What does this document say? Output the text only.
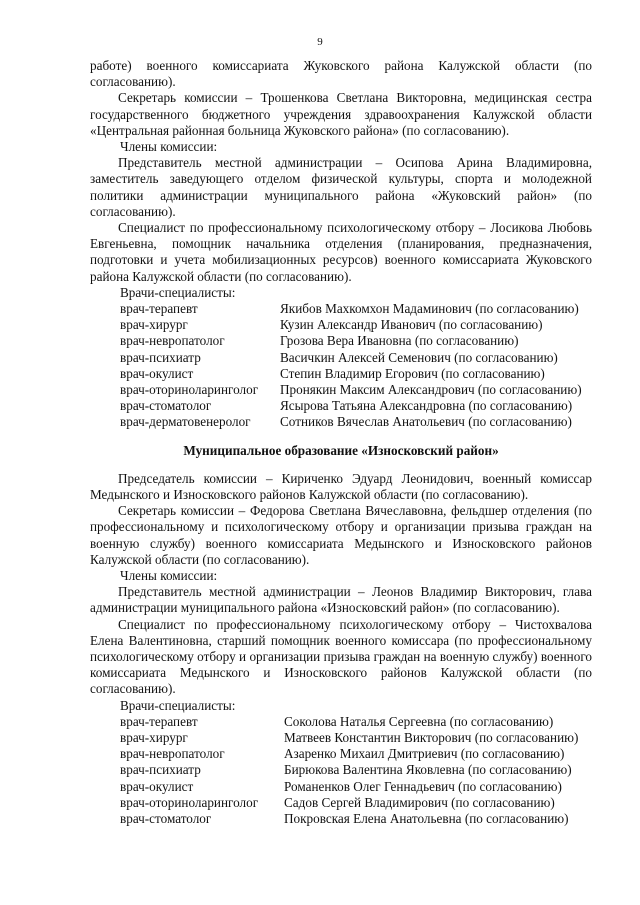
9

работе) военного комиссариата Жуковского района Калужской области (по согласованию).

Секретарь комиссии – Трошенкова Светлана Викторовна, медицинская сестра государственного бюджетного учреждения здравоохранения Калужской области «Центральная районная больница Жуковского района» (по согласованию).

Члены комиссии:

Представитель местной администрации – Осипова Арина Владимировна, заместитель заведующего отделом физической культуры, спорта и молодежной политики администрации муниципального района «Жуковский район» (по согласованию).

Специалист по профессиональному психологическому отбору – Лосикова Любовь Евгеньевна, помощник начальника отделения (планирования, предназначения, подготовки и учета мобилизационных ресурсов) военного комиссариата Жуковского района Калужской области (по согласованию).

Врачи-специалисты:

врач-терапевт	Якибов Махкомхон Мадаминович (по согласованию)
врач-хирург	Кузин Александр Иванович (по согласованию)
врач-невропатолог	Грозова Вера Ивановна (по согласованию)
врач-психиатр	Васичкин Алексей Семенович (по согласованию)
врач-окулист	Степин Владимир Егорович (по согласованию)
врач-оториноларинголог	Пронякин Максим Александрович (по согласованию)
врач-стоматолог	Ясырова Татьяна Александровна (по согласованию)
врач-дерматовенеролог	Сотников Вячеслав Анатольевич (по согласованию)

Муниципальное образование «Износковский район»

Председатель комиссии – Кириченко Эдуард Леонидович, военный комиссар Медынского и Износковского районов Калужской области (по согласованию).

Секретарь комиссии – Федорова Светлана Вячеславовна, фельдшер отделения (по профессиональному и психологическому отбору и организации призыва граждан на военную службу) военного комиссариата Медынского и Износковского районов Калужской области (по согласованию).

Члены комиссии:

Представитель местной администрации – Леонов Владимир Викторович, глава администрации муниципального района «Износковский район» (по согласованию).

Специалист по профессиональному психологическому отбору – Чистохвалова Елена Валентиновна, старший помощник военного комиссара (по профессиональному психологическому отбору и организации призыва граждан на военную службу) военного комиссариата Медынского и Износковского районов Калужской области (по согласованию).

Врачи-специалисты:

врач-терапевт	Соколова Наталья Сергеевна (по согласованию)
врач-хирург	Матвеев Константин Викторович (по согласованию)
врач-невропатолог	Азаренко Михаил Дмитриевич (по согласованию)
врач-психиатр	Бирюкова Валентина Яковлевна (по согласованию)
врач-окулист	Романенков Олег Геннадьевич (по согласованию)
врач-оториноларинголог	Садов Сергей Владимирович (по согласованию)
врач-стоматолог	Покровская Елена Анатольевна (по согласованию)
